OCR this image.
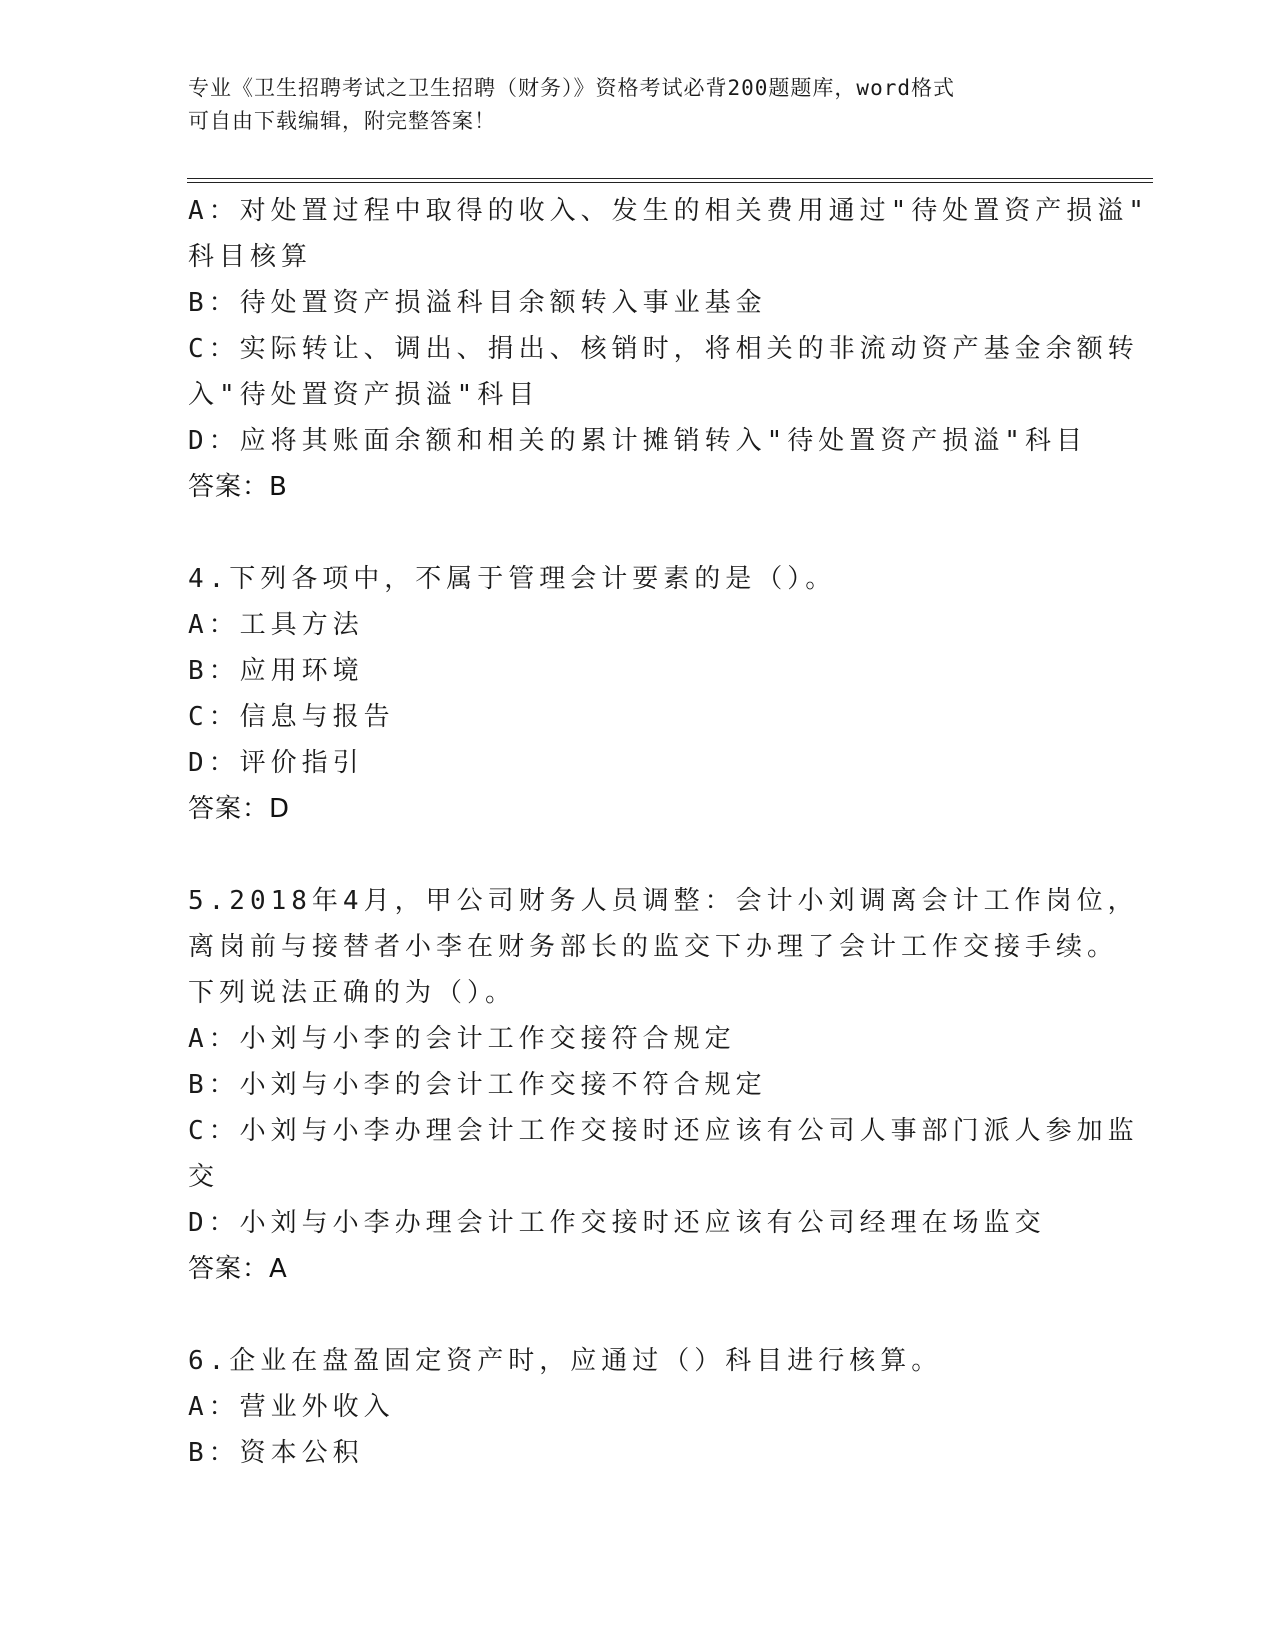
专业《卫生招聘考试之卫生招聘（财务）》资格考试必背200题题库，word格式
可自由下载编辑，附完整答案！
A：对处置过程中取得的收入、发生的相关费用通过"待处置资产损溢"
科目核算
B：待处置资产损溢科目余额转入事业基金
C：实际转让、调出、捐出、核销时，将相关的非流动资产基金余额转
入"待处置资产损溢"科目
D：应将其账面余额和相关的累计摊销转入"待处置资产损溢"科目
答案：B
4.下列各项中，不属于管理会计要素的是（）。
A：工具方法
B：应用环境
C：信息与报告
D：评价指引
答案：D
5.2018年4月，甲公司财务人员调整：会计小刘调离会计工作岗位，
离岗前与接替者小李在财务部长的监交下办理了会计工作交接手续。
下列说法正确的为（）。
A：小刘与小李的会计工作交接符合规定
B：小刘与小李的会计工作交接不符合规定
C：小刘与小李办理会计工作交接时还应该有公司人事部门派人参加监
交
D：小刘与小李办理会计工作交接时还应该有公司经理在场监交
答案：A
6.企业在盘盈固定资产时，应通过（）科目进行核算。
A：营业外收入
B：资本公积
